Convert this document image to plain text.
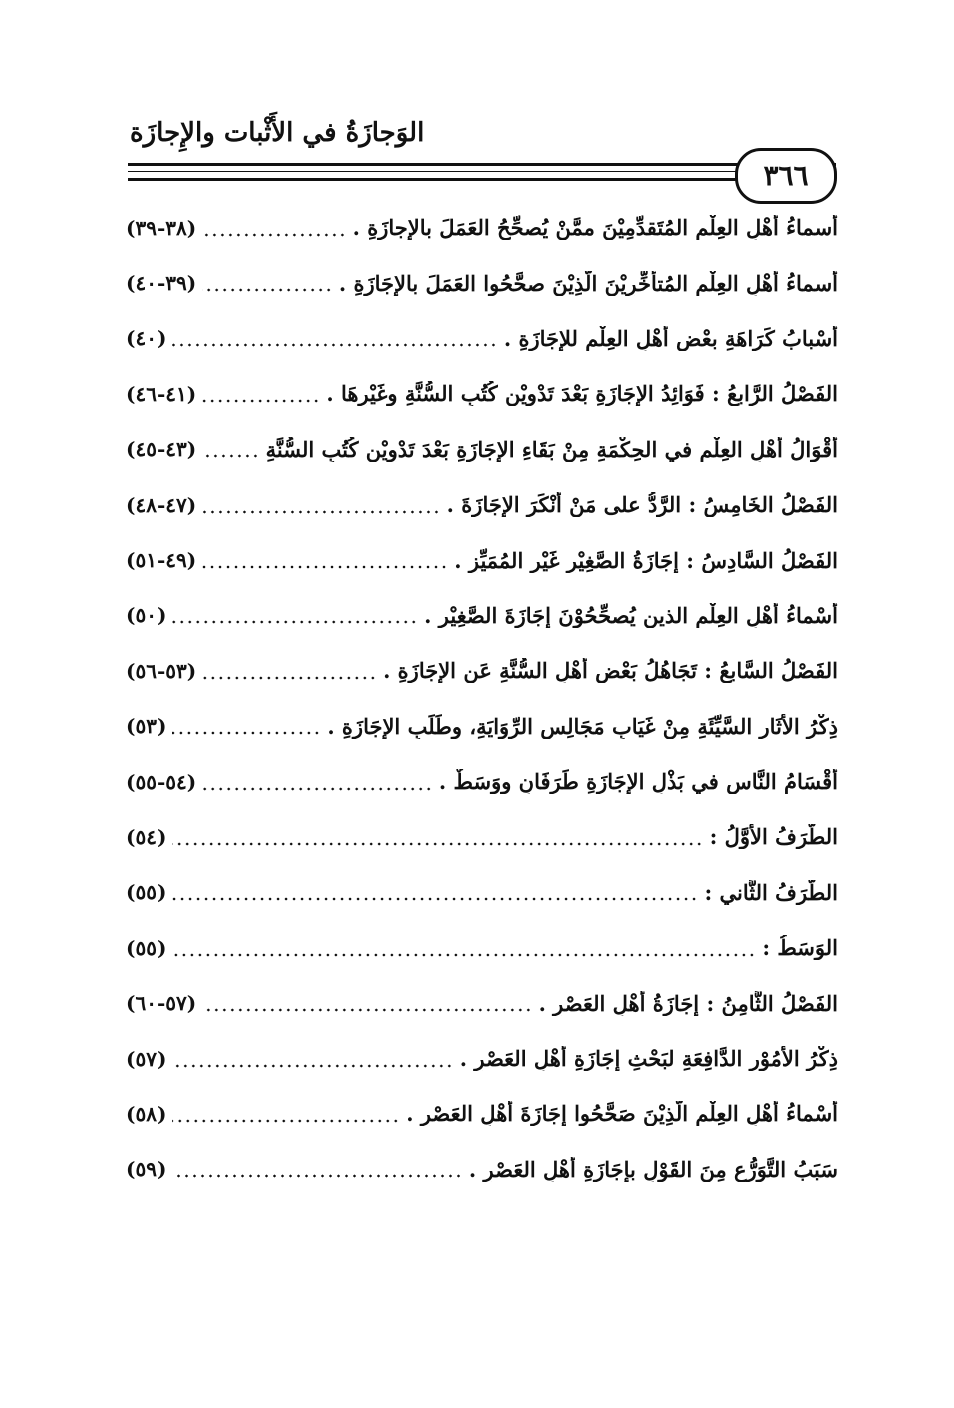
الوَجازَةُ في الأَثْبات والإِجازَة
٣٦٦
أسماءُ أهْلِ العِلْمِ المُتَقدِّمِيْنَ ممَّنْ يُصحِّحُ العَمَلَ بالإجازَةِ .
(٣٨-٣٩)
أسماءُ أهْلِ العِلْمِ المُتأخِّرِيْنَ الَّذِيْنَ صحَّحُوا العَمَلَ بالإجَازَةِ .
(٣٩-٤٠)
أسْبابُ كَرَاهَةِ بعْضِ أهْلِ العِلْمِ للإجَازَةِ .
(٤٠)
الفَصْلُ الرَّابعُ : فَوَائِدُ الإجَازَةِ بَعْدَ تَدْوِيْنِ كُتُبِ السُّنَّةِ وغَيْرِهَا .
(٤١-٤٦)
أقْوَالُ أهْلِ العِلْمِ في الحِكْمَةِ مِنْ بَقَاءِ الإجَازَةِ بَعْدَ تَدْوِيْنِ كُتُبِ السُّنَّةِ
(٤٣-٤٥)
الفَصْلُ الخَامِسُ : الرَّدُّ على مَنْ أنْكَرَ الإجَازَةَ .
(٤٧-٤٨)
الفَصْلُ السَّادِسُ : إجَازَةُ الصَّغِيْرِ غَيْرِ المُمَيِّزِ .
(٤٩-٥١)
أسْماءُ أهْلِ العِلْمِ الذين يُصحِّحُوْنَ إجَازَةَ الصَّغِيْرِ .
(٥٠)
الفَصْلُ السَّابعُ : تَجَاهُلُ بَعْضِ أهْلِ السُّنَّةِ عَنِ الإجَازَةِ .
(٥٣-٥٦)
ذِكْرُ الأثَارِ السَّيِّئَةِ مِنْ غَيَابِ مَجَالِسِ الرِّوَايَةِ، وطَلَبِ الإجَازَةِ .
(٥٣)
أقْسَامُ النَّاسِ في بَذْلِ الإجَازَةِ طَرَفَانِ ووَسَطٌ .
(٥٤-٥٥)
الطَّرَفُ الأوَّلُ :
(٥٤)
الطَّرَفُ الثَّاني :
(٥٥)
الوَسَطُ :
(٥٥)
الفَصْلُ الثَّامِنُ : إجَازَةُ أهْلِ العَصْرِ .
(٥٧-٦٠)
ذِكْرُ الأمُوْرِ الدَّافِعَةِ لبَحْثِ إجَازَةِ أهْلِ العَصْرِ .
(٥٧)
أسْماءُ أهْلِ العِلْمِ الَّذِيْنَ صَحَّحُوا إجَازَةَ أهْلِ العَصْرِ .
(٥٨)
سَبَبُ التَّوَرُّعِ مِنَ القَوْلِ بإجَازَةِ أهْلِ العَصْرِ .
(٥٩)
